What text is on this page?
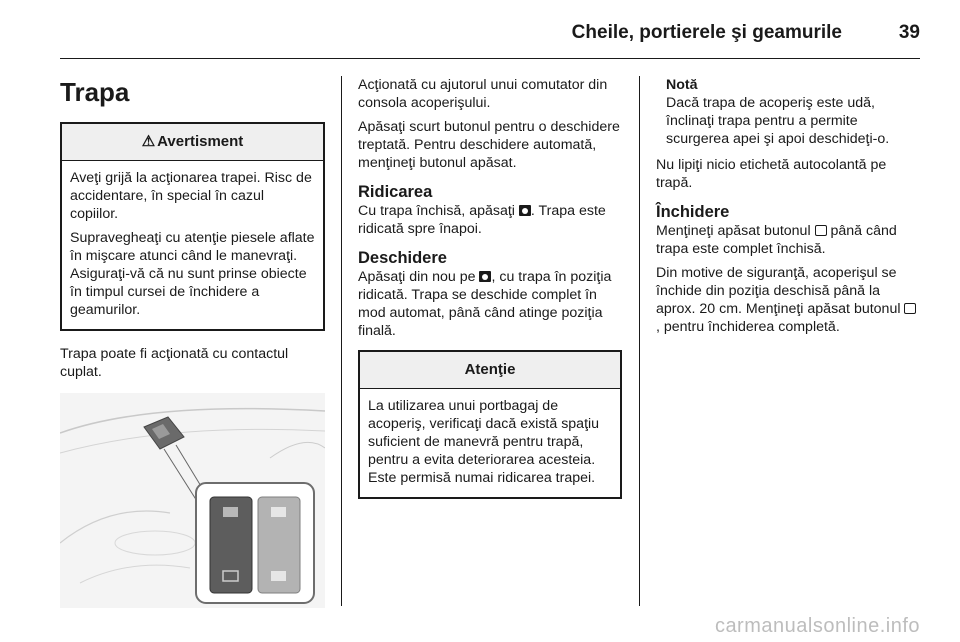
Cheile, portierele şi geamurile	39
Trapa
⚠ Avertisment

Aveţi grijă la acţionarea trapei. Risc de accidentare, în special în cazul copiilor.

Supravegheaţi cu atenţie piesele aflate în mişcare atunci când le manevraţi. Asiguraţi-vă că nu sunt prinse obiecte în timpul cursei de închidere a geamurilor.

Trapa poate fi acţionată cu contactul cuplat.

Acţionată cu ajutorul unui comutator din consola acoperişului.

Apăsaţi scurt butonul pentru o deschidere treptată. Pentru deschidere automată, menţineţi butonul apăsat.

Ridicarea

Cu trapa închisă, apăsaţi . Trapa este ridicată spre înapoi.

Deschidere

Apăsaţi din nou pe , cu trapa în poziţia ridicată. Trapa se deschide complet în mod automat, până când atinge poziţia finală.

Atenţie

La utilizarea unui portbagaj de acoperiş, verificaţi dacă există spaţiu suficient de manevră pentru trapă, pentru a evita deteriorarea acesteia. Este permisă numai ridicarea trapei.

Notă

Dacă trapa de acoperiş este udă, înclinaţi trapa pentru a permite scurgerea apei şi apoi deschideţi-o.

Nu lipiţi nicio etichetă autocolantă pe trapă.

Închidere

Menţineţi apăsat butonul  până când trapa este complet închisă.

Din motive de siguranţă, acoperişul se închide din poziţia deschisă până la aprox. 20 cm. Menţineţi apăsat butonul , pentru închiderea completă.

carmanualsonline.info
